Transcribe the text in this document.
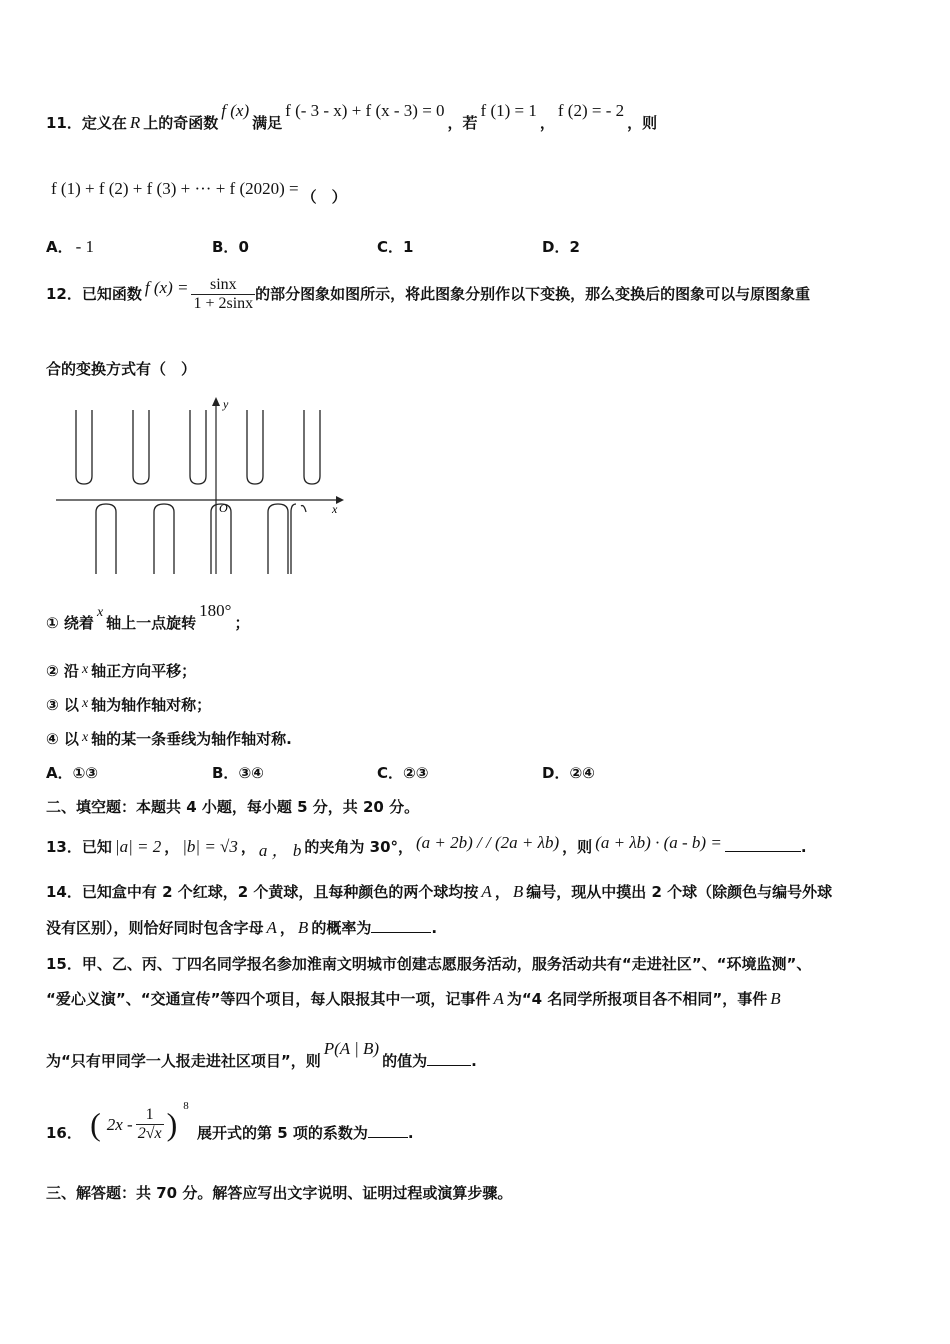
11．定义在 R 上的奇函数f (x)满足f (- 3 - x) + f (x - 3) = 0，若f (1) = 1，f (2) = - 2，则
f (1) + f (2) + f (3) + ··· + f (2020) = （　）
A． - 1	B．0	C．1	D．2
12．已知函数 f $(x) = \frac{\sin x}{1 + 2\sin x}$ 的部分图象如图所示，将此图象分别作以下变换，那么变换后的图象可以与原图象重
合的变换方式有（　）
y
x
O
① 绕着x轴上一点旋转180°；
② 沿 x 轴正方向平移；
③ 以 x 轴为轴作轴对称；
④ 以 x 轴的某一条垂线为轴作轴对称.
A．①③	B．③④	C．②③	D．②④
二、填空题：本题共 4 小题，每小题 5 分，共 20 分。
13．已知 |a| = 2 ， |b| = √3 ， a ， b 的夹角为 30°， (a + 2b) / / (2a + λb) ，则 (a + λb) · (a - b) =	.
14．已知盒中有 2 个红球，2 个黄球，且每种颜色的两个球均按 A ， B 编号，现从中摸出 2 个球（除颜色与编号外球
没有区别），则恰好同时包含字母 A ， B 的概率为	.
15．甲、乙、丙、丁四名同学报名参加淮南文明城市创建志愿服务活动，服务活动共有“走进社区”、“环境监测”、
“爱心义演”、“交通宣传”等四个项目，每人限报其中一项，记事件 A 为“4 名同学所报项目各不相同”，事件 B
为“只有甲同学一人报走进社区项目”，则P(A | B)的值为	.
16． ( $2x - \frac{1}{2√x}$ ) $^8$ 展开式的第 5 项的系数为	.
三、解答题：共 70 分。解答应写出文字说明、证明过程或演算步骤。
